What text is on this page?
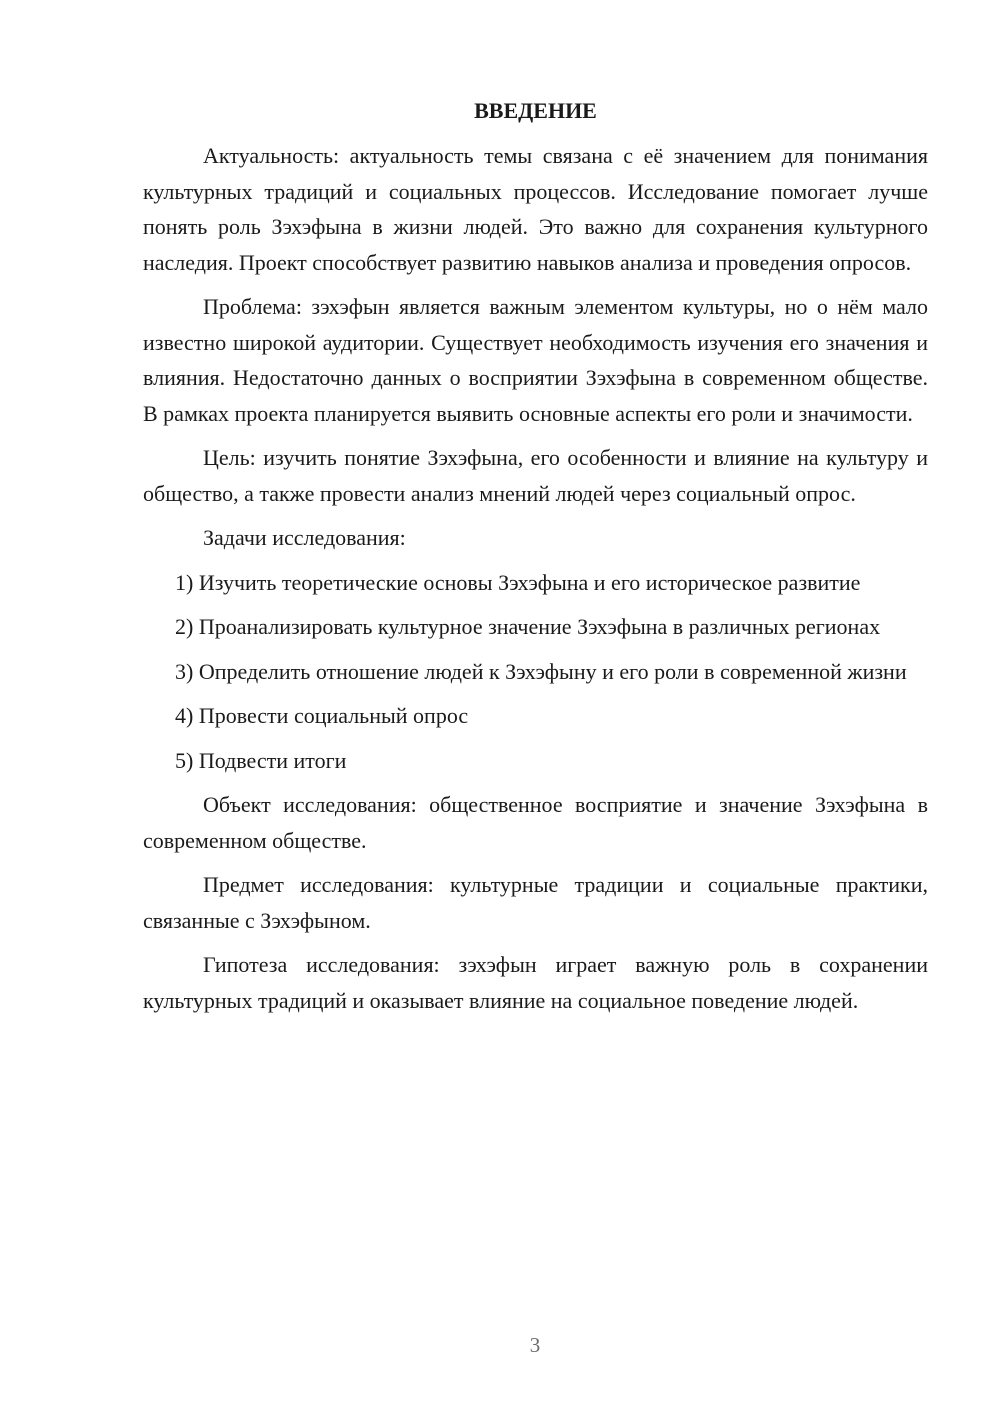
ВВЕДЕНИЕ

Актуальность: актуальность темы связана с её значением для понимания культурных традиций и социальных процессов. Исследование помогает лучше понять роль Зэхэфына в жизни людей. Это важно для сохранения культурного наследия. Проект способствует развитию навыков анализа и проведения опросов.

Проблема: зэхэфын является важным элементом культуры, но о нём мало известно широкой аудитории. Существует необходимость изучения его значения и влияния. Недостаточно данных о восприятии Зэхэфына в современном обществе. В рамках проекта планируется выявить основные аспекты его роли и значимости.

Цель: изучить понятие Зэхэфына, его особенности и влияние на культуру и общество, а также провести анализ мнений людей через социальный опрос.

Задачи исследования:

1) Изучить теоретические основы Зэхэфына и его историческое развитие

2) Проанализировать культурное значение Зэхэфына в различных регионах

3) Определить отношение людей к Зэхэфыну и его роли в современной жизни

4) Провести социальный опрос

5) Подвести итоги

Объект исследования: общественное восприятие и значение Зэхэфына в современном обществе.

Предмет исследования: культурные традиции и социальные практики, связанные с Зэхэфыном.

Гипотеза исследования: зэхэфын играет важную роль в сохранении культурных традиций и оказывает влияние на социальное поведение людей.

3
